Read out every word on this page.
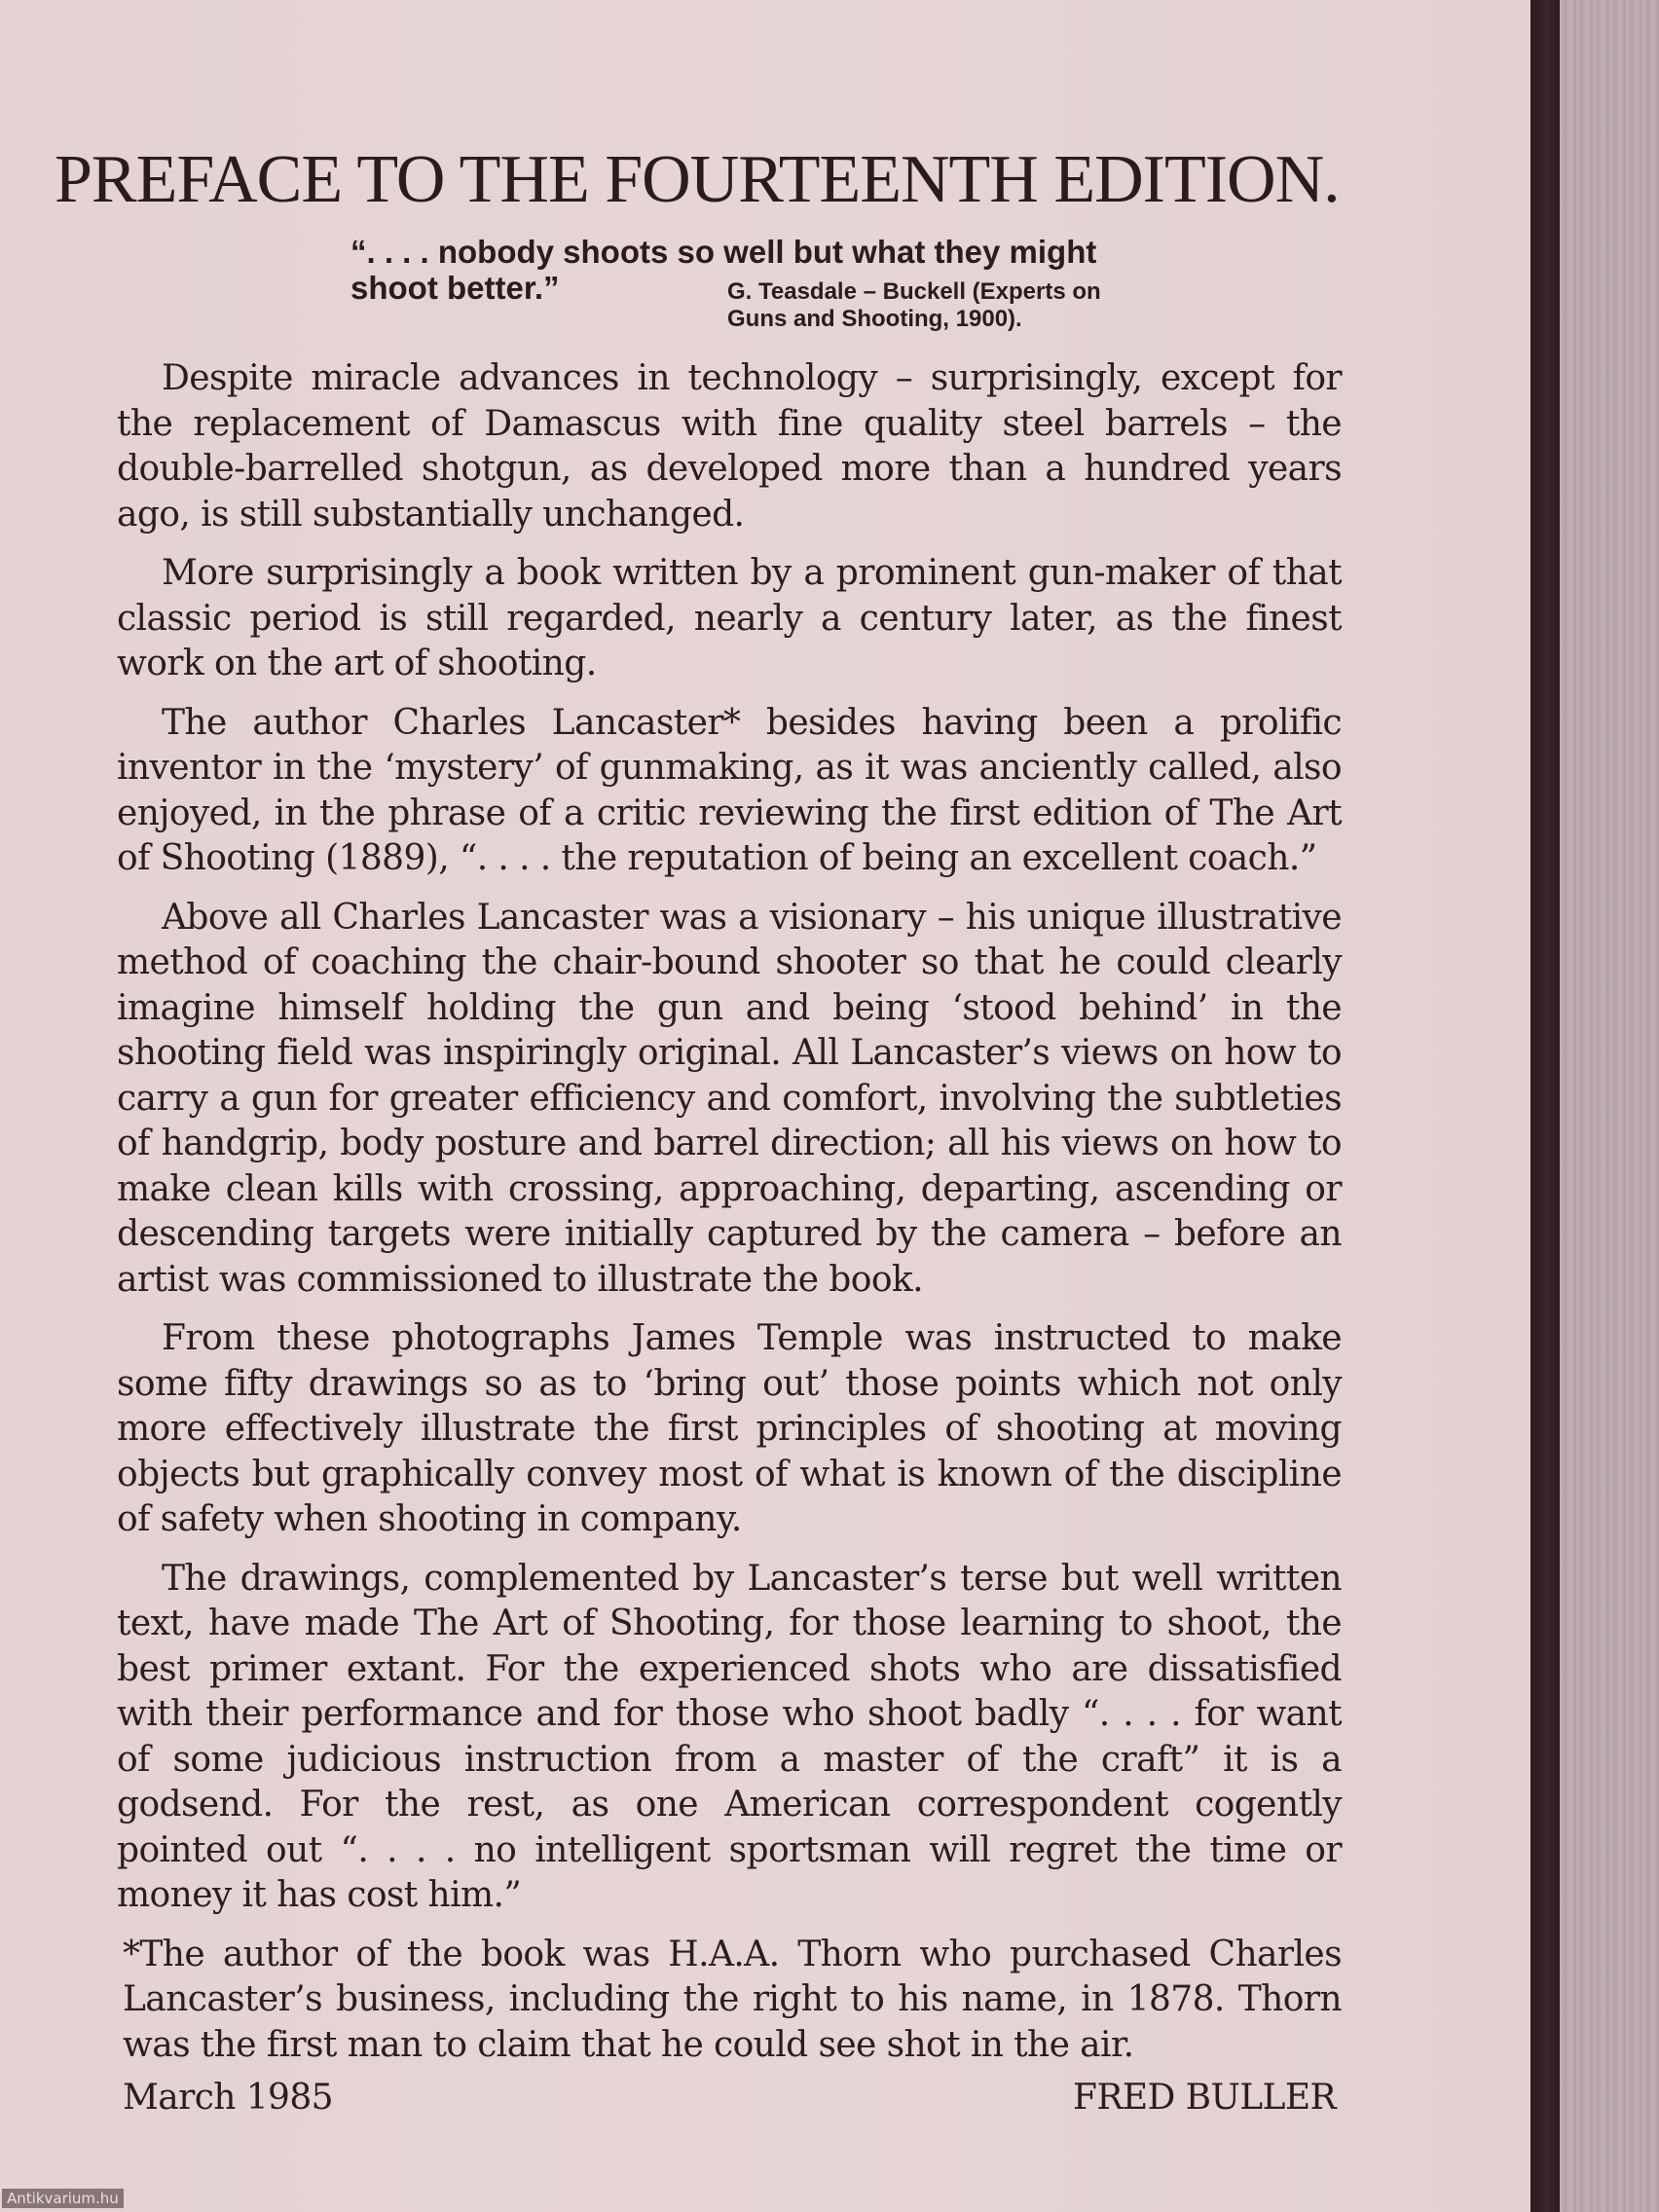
PREFACE TO THE FOURTEENTH EDITION.
“. . . . nobody shoots so well but what they might
shoot better.”	G. Teasdale – Buckell (Experts on
Guns and Shooting, 1900).

Despite miracle advances in technology – surprisingly, except for the replacement of Damascus with fine quality steel barrels – the double-barrelled shotgun, as developed more than a hundred years ago, is still substantially unchanged.

More surprisingly a book written by a prominent gun-maker of that classic period is still regarded, nearly a century later, as the finest work on the art of shooting.

The author Charles Lancaster* besides having been a prolific inventor in the ‘mystery’ of gunmaking, as it was anciently called, also enjoyed, in the phrase of a critic reviewing the first edition of The Art of Shooting (1889), “. . . . the reputation of being an excellent coach.”

Above all Charles Lancaster was a visionary – his unique illustrative method of coaching the chair-bound shooter so that he could clearly imagine himself holding the gun and being ‘stood behind’ in the shooting field was inspiringly original. All Lancaster’s views on how to carry a gun for greater efficiency and comfort, involving the subtleties of handgrip, body posture and barrel direction; all his views on how to make clean kills with crossing, approaching, departing, ascending or descending targets were initially captured by the camera – before an artist was commissioned to illustrate the book.

From these photographs James Temple was instructed to make some fifty drawings so as to ‘bring out’ those points which not only more effectively illustrate the first principles of shooting at moving objects but graphically convey most of what is known of the discipline of safety when shooting in company.

The drawings, complemented by Lancaster’s terse but well written text, have made The Art of Shooting, for those learning to shoot, the best primer extant. For the experienced shots who are dissatisfied with their performance and for those who shoot badly “. . . . for want of some judicious instruction from a master of the craft” it is a godsend. For the rest, as one American correspondent cogently pointed out “. . . . no intelligent sportsman will regret the time or money it has cost him.”

*The author of the book was H.A.A. Thorn who purchased Charles Lancaster’s business, including the right to his name, in 1878. Thorn was the first man to claim that he could see shot in the air.

March 1985	FRED BULLER
Antikvarium.hu
